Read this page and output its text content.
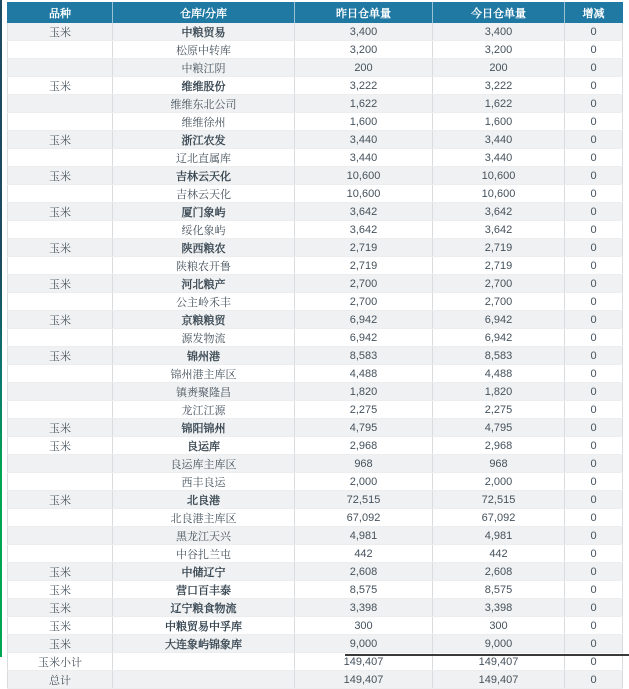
品种	仓库/分库	昨日仓单量	今日仓单量	增减
玉米	中粮贸易	3,400	3,400	0
	松原中转库	3,200	3,200	0
	中粮江阴	200	200	0
玉米	维维股份	3,222	3,222	0
	维维东北公司	1,622	1,622	0
	维维徐州	1,600	1,600	0
玉米	浙江农发	3,440	3,440	0
	辽北直属库	3,440	3,440	0
玉米	吉林云天化	10,600	10,600	0
	吉林云天化	10,600	10,600	0
玉米	厦门象屿	3,642	3,642	0
	绥化象屿	3,642	3,642	0
玉米	陕西粮农	2,719	2,719	0
	陕粮农开鲁	2,719	2,719	0
玉米	河北粮产	2,700	2,700	0
	公主岭禾丰	2,700	2,700	0
玉米	京粮粮贸	6,942	6,942	0
	源发物流	6,942	6,942	0
玉米	锦州港	8,583	8,583	0
	锦州港主库区	4,488	4,488	0
	镇赉聚隆昌	1,820	1,820	0
	龙江江源	2,275	2,275	0
玉米	锦阳锦州	4,795	4,795	0
玉米	良运库	2,968	2,968	0
	良运库主库区	968	968	0
	西丰良运	2,000	2,000	0
玉米	北良港	72,515	72,515	0
	北良港主库区	67,092	67,092	0
	黑龙江天兴	4,981	4,981	0
	中谷扎兰屯	442	442	0
玉米	中储辽宁	2,608	2,608	0
玉米	营口百丰泰	8,575	8,575	0
玉米	辽宁粮食物流	3,398	3,398	0
玉米	中粮贸易中孚库	300	300	0
玉米	大连象屿锦象库	9,000	9,000	0
玉米小计		149,407	149,407	0
总计		149,407	149,407	0
